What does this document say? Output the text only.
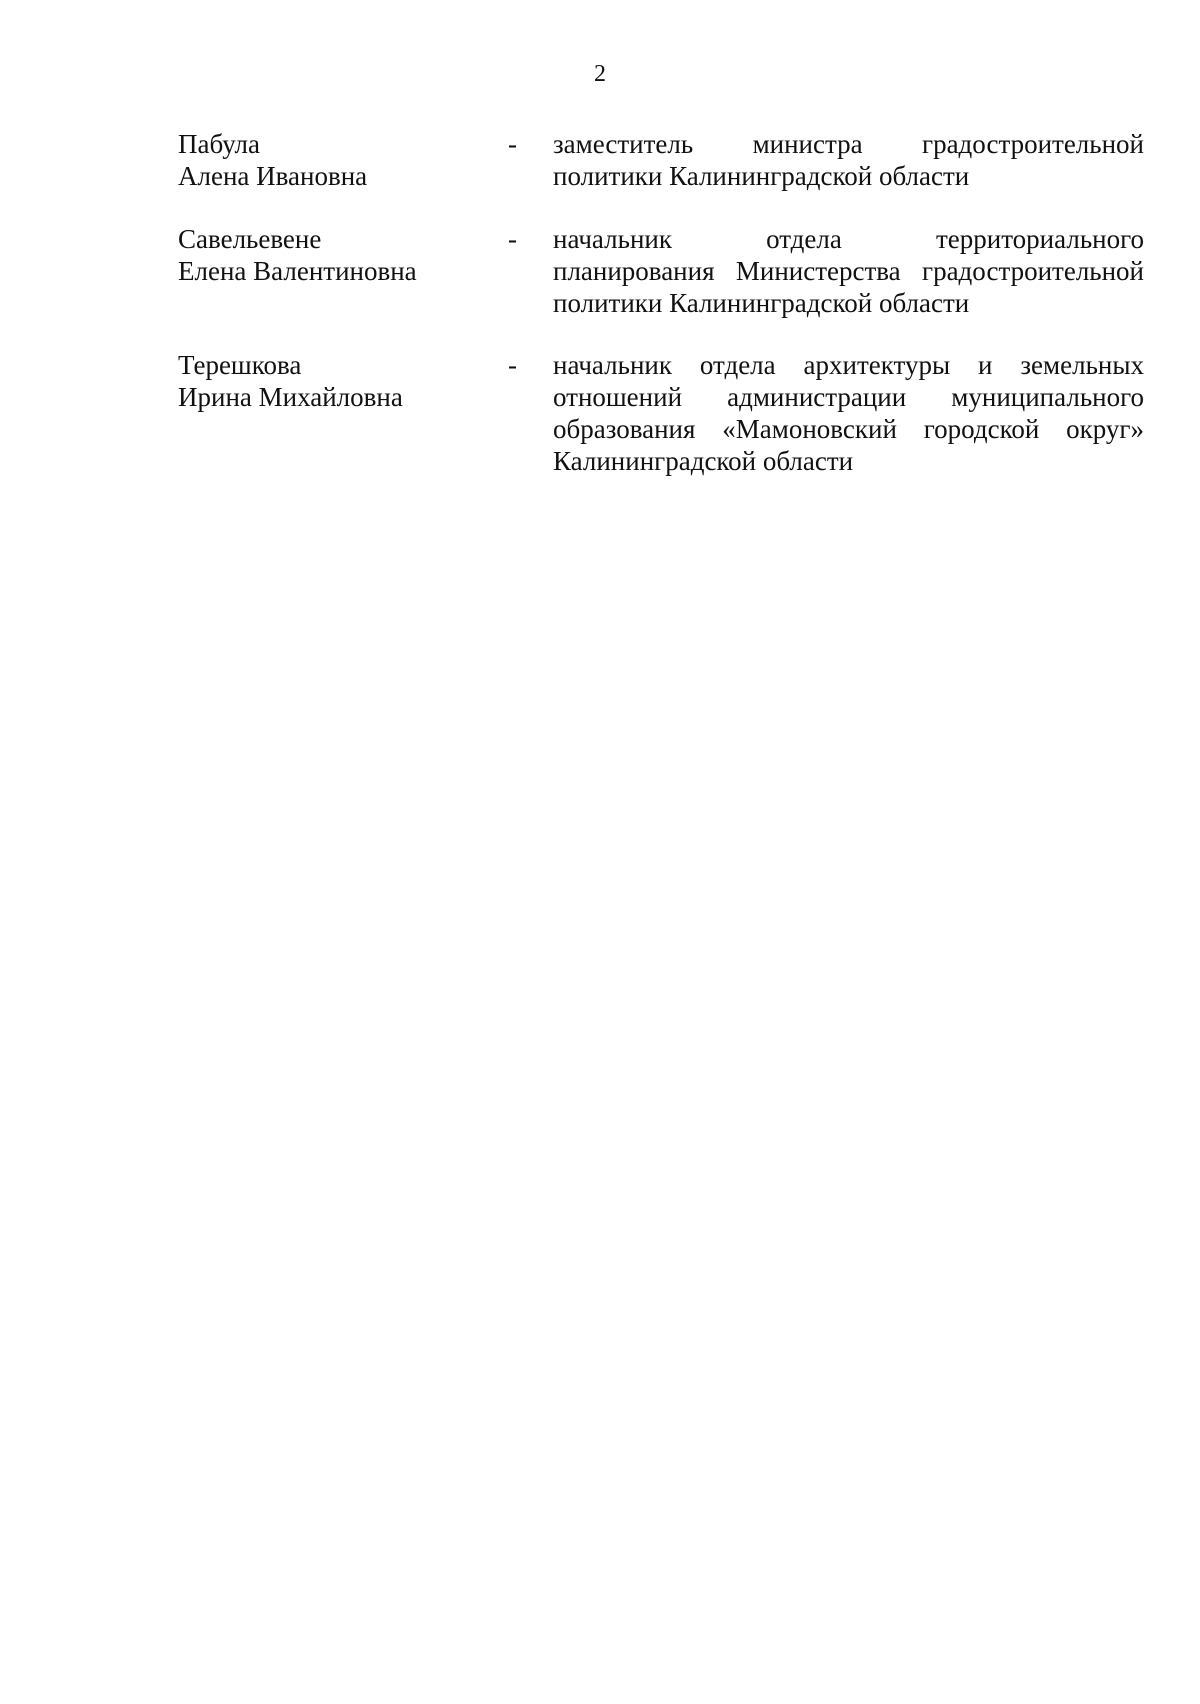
2
Пабула
Алена Ивановна
- заместитель министра градостроительной
политики Калининградской области
Савельевене
Елена Валентиновна
- начальник отдела территориального
планирования Министерства градостроительной
политики Калининградской области
Терешкова
Ирина Михайловна
- начальник отдела архитектуры и земельных
отношений администрации муниципального
образования «Мамоновский городской округ»
Калининградской области
